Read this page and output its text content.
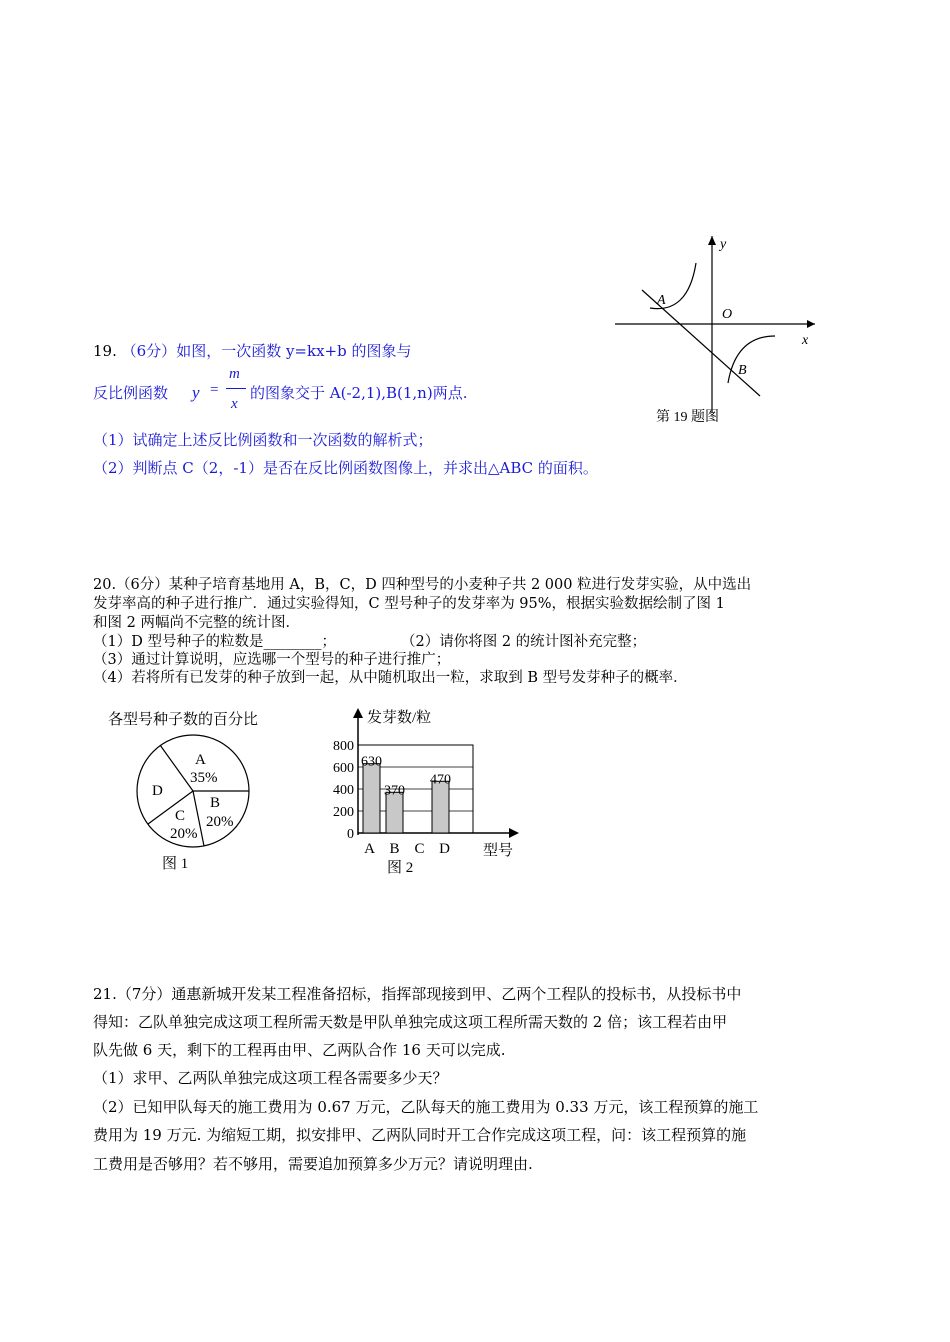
19. （6分）如图，一次函数 y=kx+b 的图象与
反比例函数 y =
m
x
的图象交于 A(-2,1),B(1,n)两点.
（1）试确定上述反比例函数和一次函数的解析式；
（2）判断点 C（2，-1）是否在反比例函数图像上，并求出△ABC 的面积。
y
x
O
A
B
第 19 题图
20.（6分）某种子培育基地用 A，B，C，D 四种型号的小麦种子共 2 000 粒进行发芽实验，从中选出
发芽率高的种子进行推广．通过实验得知，C 型号种子的发芽率为 95%，根据实验数据绘制了图 1
和图 2 两幅尚不完整的统计图．
（1）D 型号种子的粒数是________；	（2）请你将图 2 的统计图补充完整；
（3）通过计算说明，应选哪一个型号的种子进行推广；
（4）若将所有已发芽的种子放到一起，从中随机取出一粒，求取到 B 型号发芽种子的概率．
各型号种子数的百分比
A
35%
B
20%
C
20%
D
图 1
发芽数/粒
型号
图 2
0
200
400
600
800
630
A
370
B C
470
D
21.（7分）通惠新城开发某工程准备招标，指挥部现接到甲、乙两个工程队的投标书，从投标书中
得知：乙队单独完成这项工程所需天数是甲队单独完成这项工程所需天数的 2 倍；该工程若由甲
队先做 6 天，剩下的工程再由甲、乙两队合作 16 天可以完成.
（1）求甲、乙两队单独完成这项工程各需要多少天？
（2）已知甲队每天的施工费用为 0.67 万元，乙队每天的施工费用为 0.33 万元，该工程预算的施工
费用为 19 万元. 为缩短工期，拟安排甲、乙两队同时开工合作完成这项工程，问：该工程预算的施
工费用是否够用？若不够用，需要追加预算多少万元？请说明理由.
